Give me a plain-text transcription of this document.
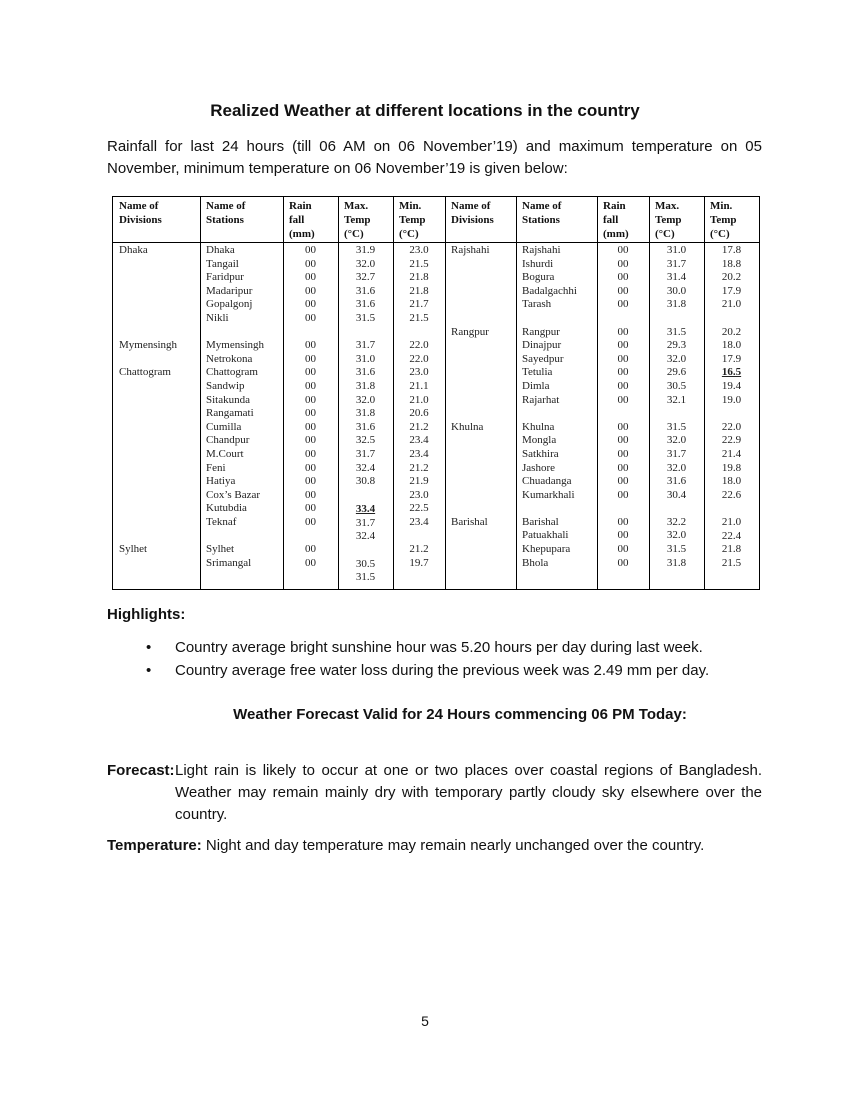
Realized Weather at different locations in the country
Rainfall for last 24 hours (till 06 AM on 06 November’19) and maximum temperature on 05 November, minimum temperature on 06 November’19 is given below:
Name of
Divisions
Name of
Stations
Rain
fall
(mm)
Max.
Temp
(°C)
Min.
Temp
(°C)
Name of
Divisions
Name of
Stations
Rain
fall
(mm)
Max.
Temp
(°C)
Min.
Temp
(°C)
Dhaka

Mymensingh

Chattogram

Sylhet
Dhaka
Tangail
Faridpur
Madaripur
Gopalgonj
Nikli

Mymensingh
Netrokona
Chattogram
Sandwip
Sitakunda
Rangamati
Cumilla
Chandpur
M.Court
Feni
Hatiya
Cox’s Bazar
Kutubdia
Teknaf

Sylhet
Srimangal
00
00
00
00
00
00

00
00
00
00
00
00
00
00
00
00
00
00
00
00

00
00
31.9
32.0
32.7
31.6
31.6
31.5

31.7
31.0
31.6
31.8
32.0
31.8
31.6
32.5
31.7
32.4
30.8
33.4
31.7
32.4

30.5
31.5
23.0
21.5
21.8
21.8
21.7
21.5

22.0
22.0
23.0
21.1
21.0
20.6
21.2
23.4
23.4
21.2
21.9
23.0
22.5
23.4

21.2
19.7
Rajshahi

Rangpur

Khulna

Barishal
Rajshahi
Ishurdi
Bogura
Badalgachhi
Tarash

Rangpur
Dinajpur
Sayedpur
Tetulia
Dimla
Rajarhat

Khulna
Mongla
Satkhira
Jashore
Chuadanga
Kumarkhali

Barishal
Patuakhali
Khepupara
Bhola
00
00
00
00
00

00
00
00
00
00
00

00
00
00
00
00
00

00
00
00
00
31.0
31.7
31.4
30.0
31.8

31.5
29.3
32.0
29.6
30.5
32.1

31.5
32.0
31.7
32.0
31.6
30.4

32.2
32.0
31.5
31.8
17.8
18.8
20.2
17.9
21.0

20.2
18.0
17.9
16.5
19.4
19.0

22.0
22.9
21.4
19.8
18.0
22.6

21.0
22.4
21.8
21.5
Highlights:
• Country average bright sunshine hour was 5.20 hours per day during last week.
• Country average free water loss during the previous week was 2.49 mm per day.
Weather Forecast Valid for 24 Hours commencing 06 PM Today:
Forecast: Light rain is likely to occur at one or two places over coastal regions of Bangladesh. Weather may remain mainly dry with temporary partly cloudy sky elsewhere over the country.
Temperature: Night and day temperature may remain nearly unchanged over the country.
5
